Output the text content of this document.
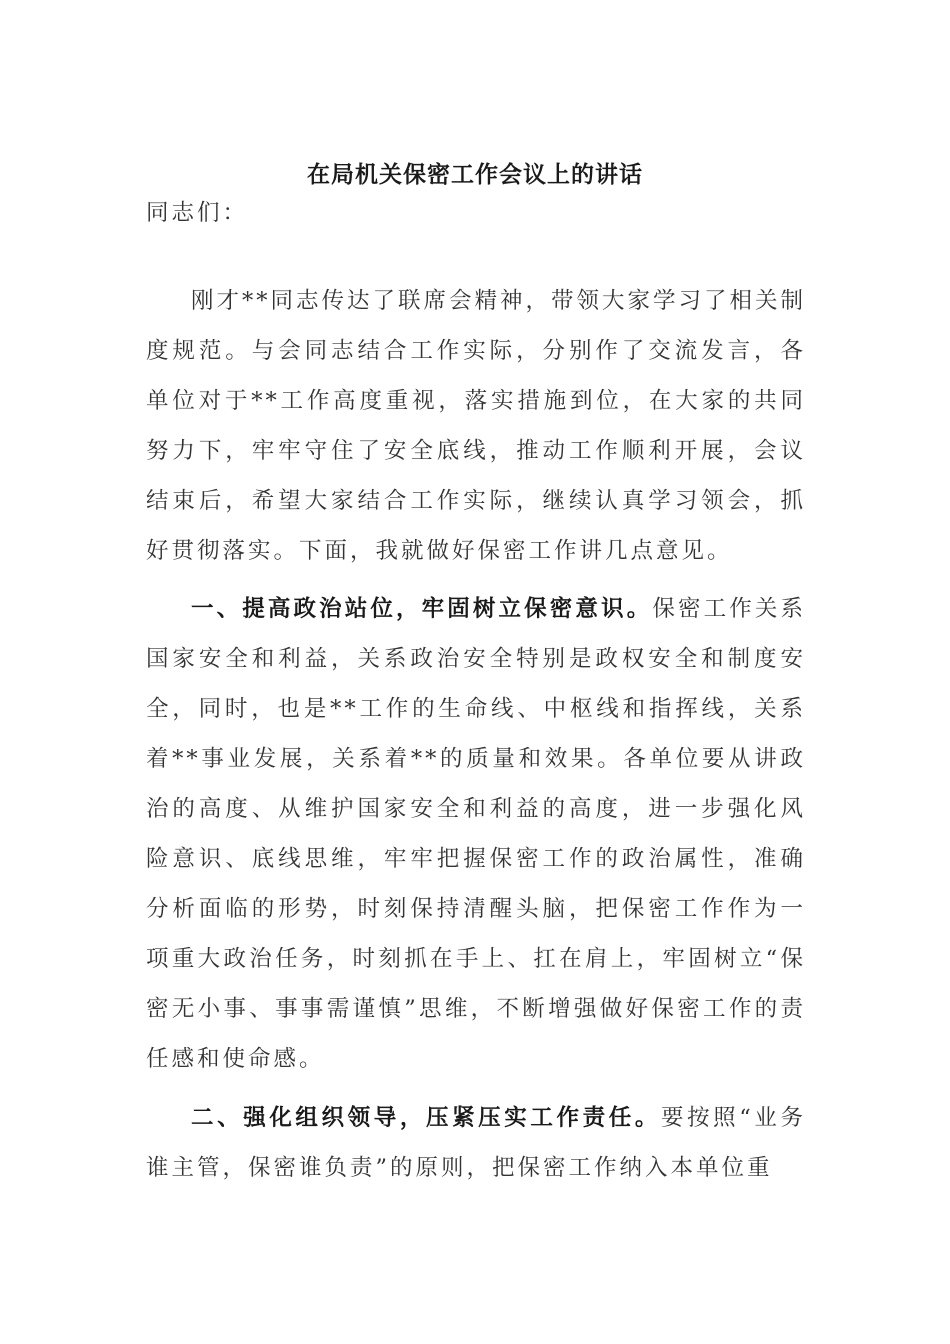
在局机关保密工作会议上的讲话
同志们：
刚才**同志传达了联席会精神，带领大家学习了相关制度规范。与会同志结合工作实际，分别作了交流发言，各单位对于**工作高度重视，落实措施到位，在大家的共同努力下，牢牢守住了安全底线，推动工作顺利开展，会议结束后，希望大家结合工作实际，继续认真学习领会，抓好贯彻落实。下面，我就做好保密工作讲几点意见。
一、提高政治站位，牢固树立保密意识。保密工作关系国家安全和利益，关系政治安全特别是政权安全和制度安全，同时，也是**工作的生命线、中枢线和指挥线，关系着**事业发展，关系着**的质量和效果。各单位要从讲政治的高度、从维护国家安全和利益的高度，进一步强化风险意识、底线思维，牢牢把握保密工作的政治属性，准确分析面临的形势，时刻保持清醒头脑，把保密工作作为一项重大政治任务，时刻抓在手上、扛在肩上，牢固树立“保密无小事、事事需谨慎”思维，不断增强做好保密工作的责任感和使命感。
二、强化组织领导，压紧压实工作责任。要按照“业务谁主管，保密谁负责”的原则，把保密工作纳入本单位重
